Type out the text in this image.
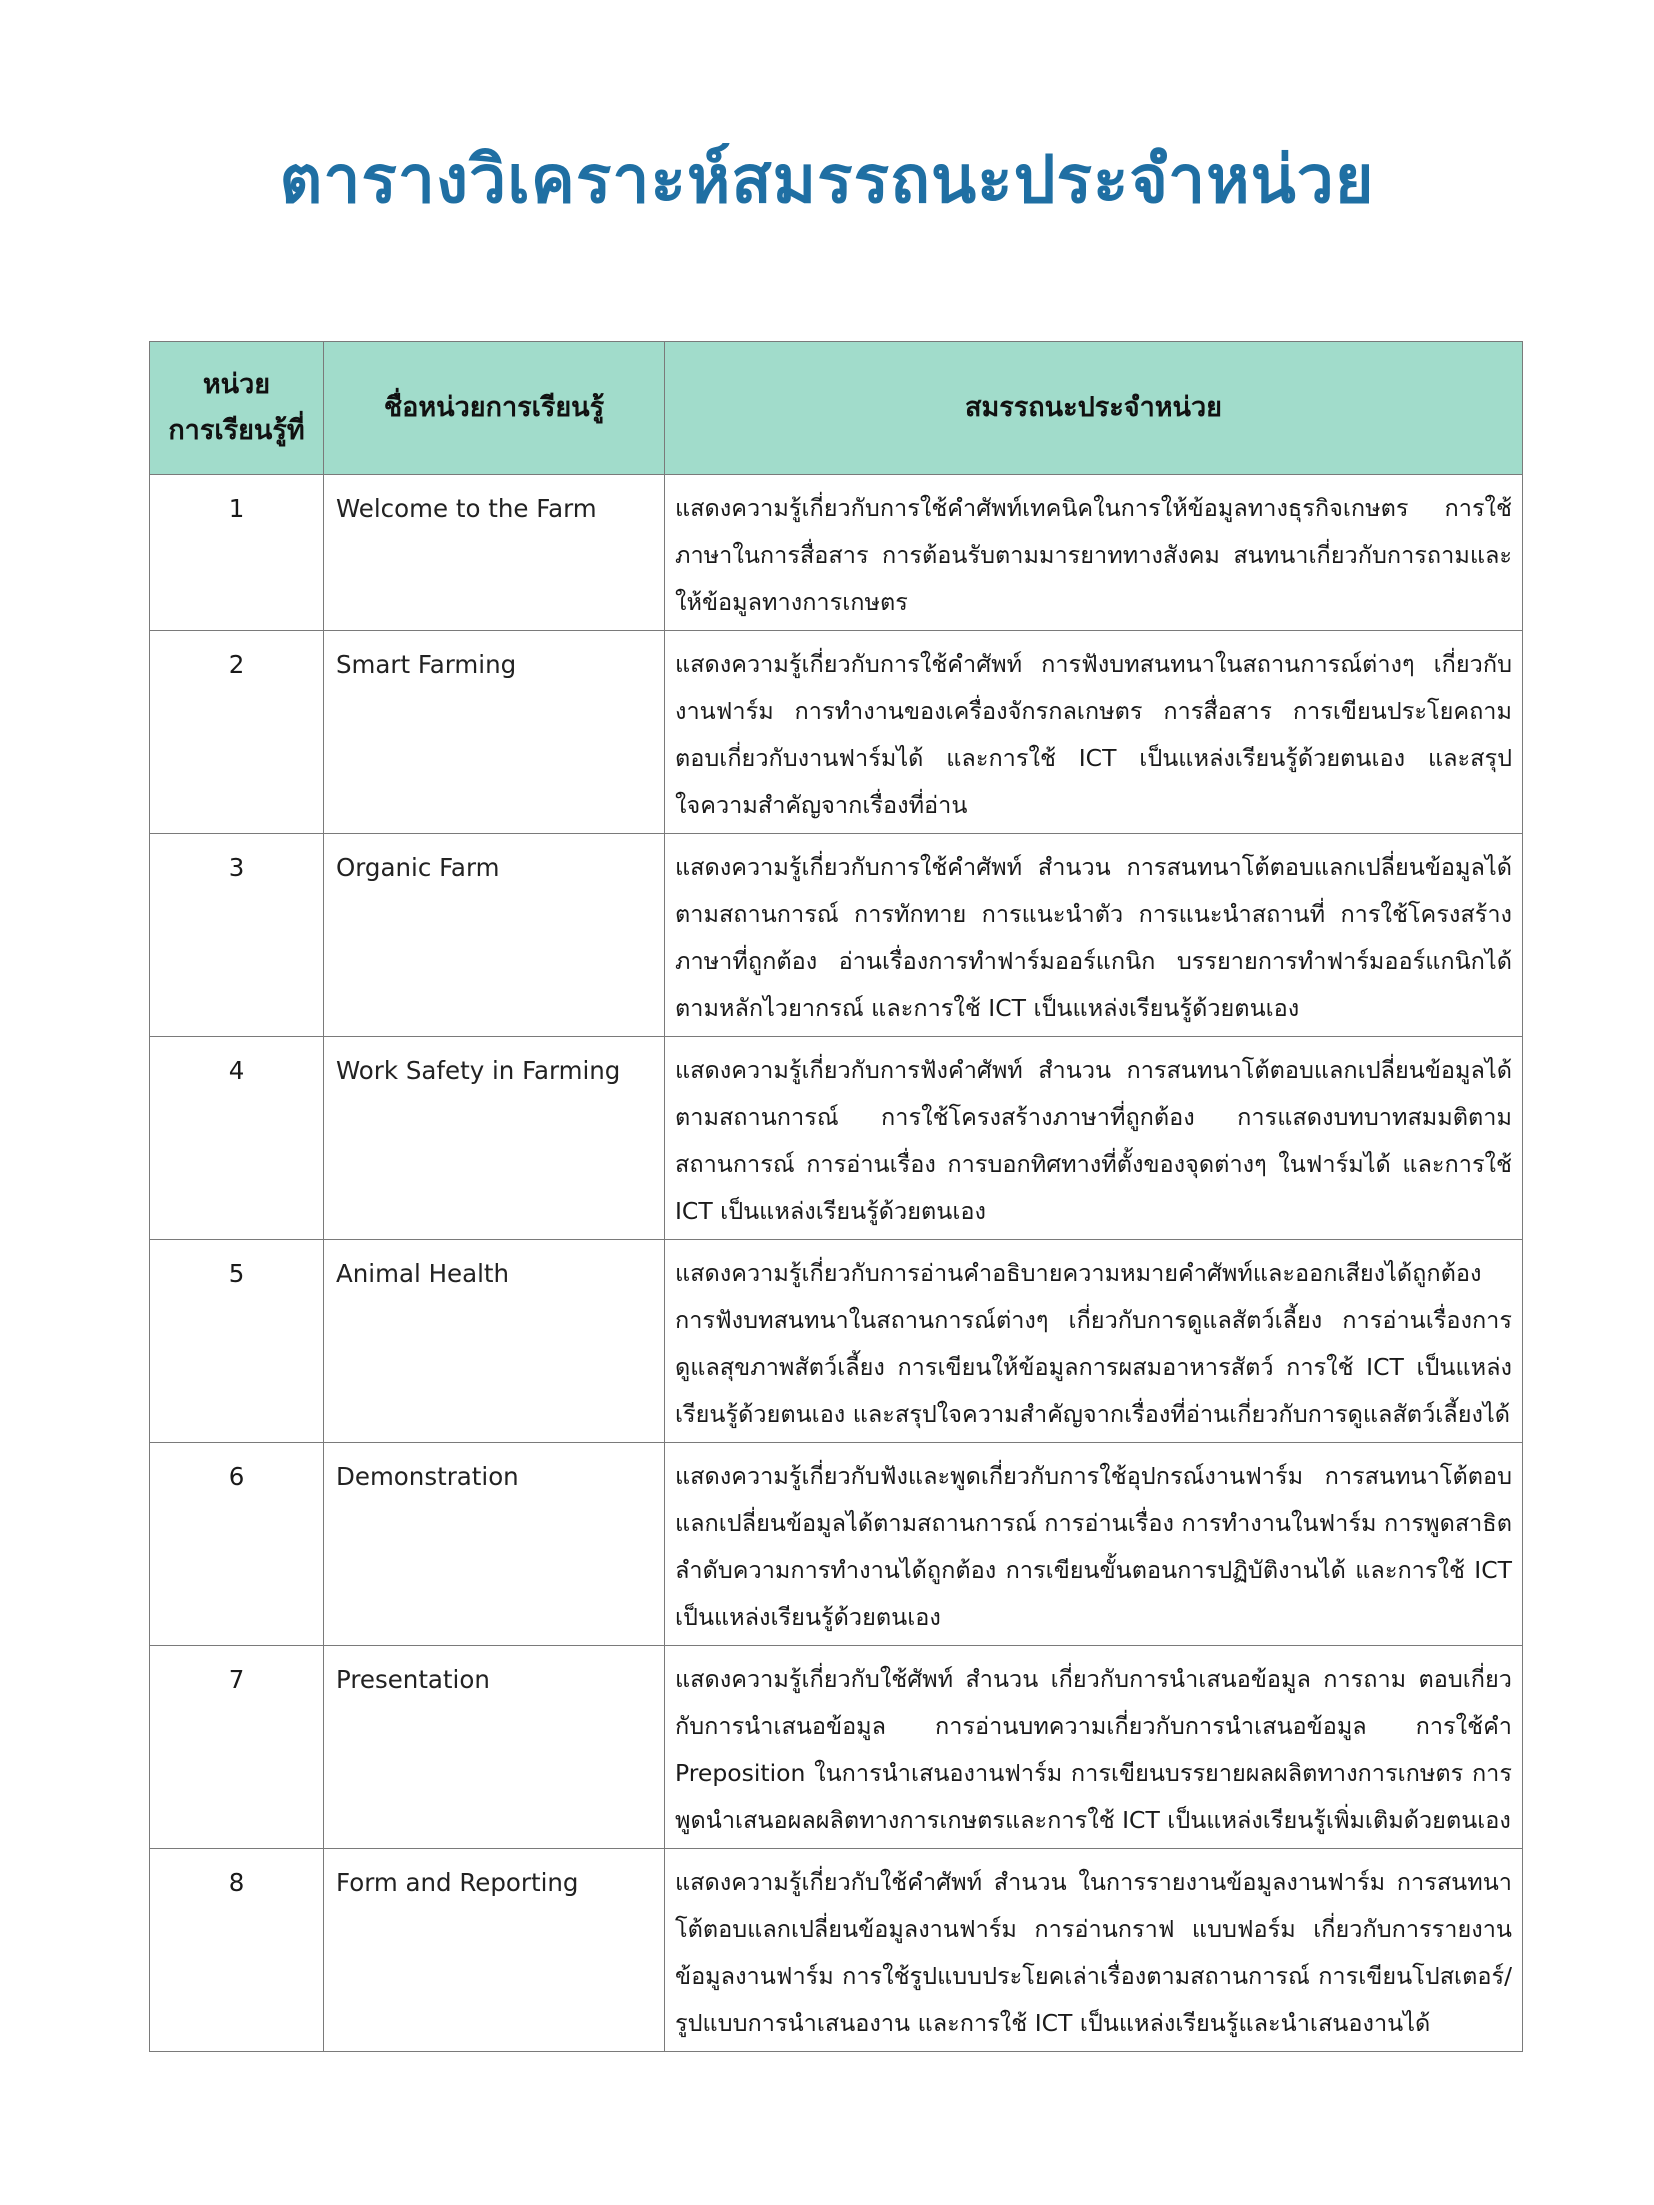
ตารางวิเคราะห์สมรรถนะประจำหน่วย
หน่วย
การเรียนรู้ที่	ชื่อหน่วยการเรียนรู้	สมรรถนะประจำหน่วย
1	Welcome to the Farm	แสดงความรู้เกี่ยวกับการใช้คำศัพท์เทคนิคในการให้ข้อมูลทางธุรกิจเกษตร การใช้ภาษาในการสื่อสาร การต้อนรับตามมารยาททางสังคม สนทนาเกี่ยวกับการถามและให้ข้อมูลทางการเกษตร
2	Smart Farming	แสดงความรู้เกี่ยวกับการใช้คำศัพท์ การฟังบทสนทนาในสถานการณ์ต่างๆ เกี่ยวกับงานฟาร์ม การทำงานของเครื่องจักรกลเกษตร การสื่อสาร การเขียนประโยคถามตอบเกี่ยวกับงานฟาร์มได้ และการใช้ ICT เป็นแหล่งเรียนรู้ด้วยตนเอง และสรุปใจความสำคัญจากเรื่องที่อ่าน
3	Organic Farm	แสดงความรู้เกี่ยวกับการใช้คำศัพท์ สำนวน การสนทนาโต้ตอบแลกเปลี่ยนข้อมูลได้ตามสถานการณ์ การทักทาย การแนะนำตัว การแนะนำสถานที่ การใช้โครงสร้างภาษาที่ถูกต้อง อ่านเรื่องการทำฟาร์มออร์แกนิก บรรยายการทำฟาร์มออร์แกนิกได้ตามหลักไวยากรณ์ และการใช้ ICT เป็นแหล่งเรียนรู้ด้วยตนเอง
4	Work Safety in Farming	แสดงความรู้เกี่ยวกับการฟังคำศัพท์ สำนวน การสนทนาโต้ตอบแลกเปลี่ยนข้อมูลได้ตามสถานการณ์ การใช้โครงสร้างภาษาที่ถูกต้อง การแสดงบทบาทสมมติตามสถานการณ์ การอ่านเรื่อง การบอกทิศทางที่ตั้งของจุดต่างๆ ในฟาร์มได้ และการใช้ ICT เป็นแหล่งเรียนรู้ด้วยตนเอง
5	Animal Health	แสดงความรู้เกี่ยวกับการอ่านคำอธิบายความหมายคำศัพท์และออกเสียงได้ถูกต้อง การฟังบทสนทนาในสถานการณ์ต่างๆ เกี่ยวกับการดูแลสัตว์เลี้ยง การอ่านเรื่องการดูแลสุขภาพสัตว์เลี้ยง การเขียนให้ข้อมูลการผสมอาหารสัตว์ การใช้ ICT เป็นแหล่งเรียนรู้ด้วยตนเอง และสรุปใจความสำคัญจากเรื่องที่อ่านเกี่ยวกับการดูแลสัตว์เลี้ยงได้
6	Demonstration	แสดงความรู้เกี่ยวกับฟังและพูดเกี่ยวกับการใช้อุปกรณ์งานฟาร์ม การสนทนาโต้ตอบแลกเปลี่ยนข้อมูลได้ตามสถานการณ์ การอ่านเรื่อง การทำงานในฟาร์ม การพูดสาธิตลำดับความการทำงานได้ถูกต้อง การเขียนขั้นตอนการปฏิบัติงานได้ และการใช้ ICT เป็นแหล่งเรียนรู้ด้วยตนเอง
7	Presentation	แสดงความรู้เกี่ยวกับใช้ศัพท์ สำนวน เกี่ยวกับการนำเสนอข้อมูล การถาม ตอบเกี่ยวกับการนำเสนอข้อมูล การอ่านบทความเกี่ยวกับการนำเสนอข้อมูล การใช้คำ Preposition ในการนำเสนองานฟาร์ม การเขียนบรรยายผลผลิตทางการเกษตร การพูดนำเสนอผลผลิตทางการเกษตรและการใช้ ICT เป็นแหล่งเรียนรู้เพิ่มเติมด้วยตนเอง
8	Form and Reporting	แสดงความรู้เกี่ยวกับใช้คำศัพท์ สำนวน ในการรายงานข้อมูลงานฟาร์ม การสนทนาโต้ตอบแลกเปลี่ยนข้อมูลงานฟาร์ม การอ่านกราฟ แบบฟอร์ม เกี่ยวกับการรายงานข้อมูลงานฟาร์ม การใช้รูปแบบประโยคเล่าเรื่องตามสถานการณ์ การเขียนโปสเตอร์/รูปแบบการนำเสนองาน และการใช้ ICT เป็นแหล่งเรียนรู้และนำเสนองานได้
